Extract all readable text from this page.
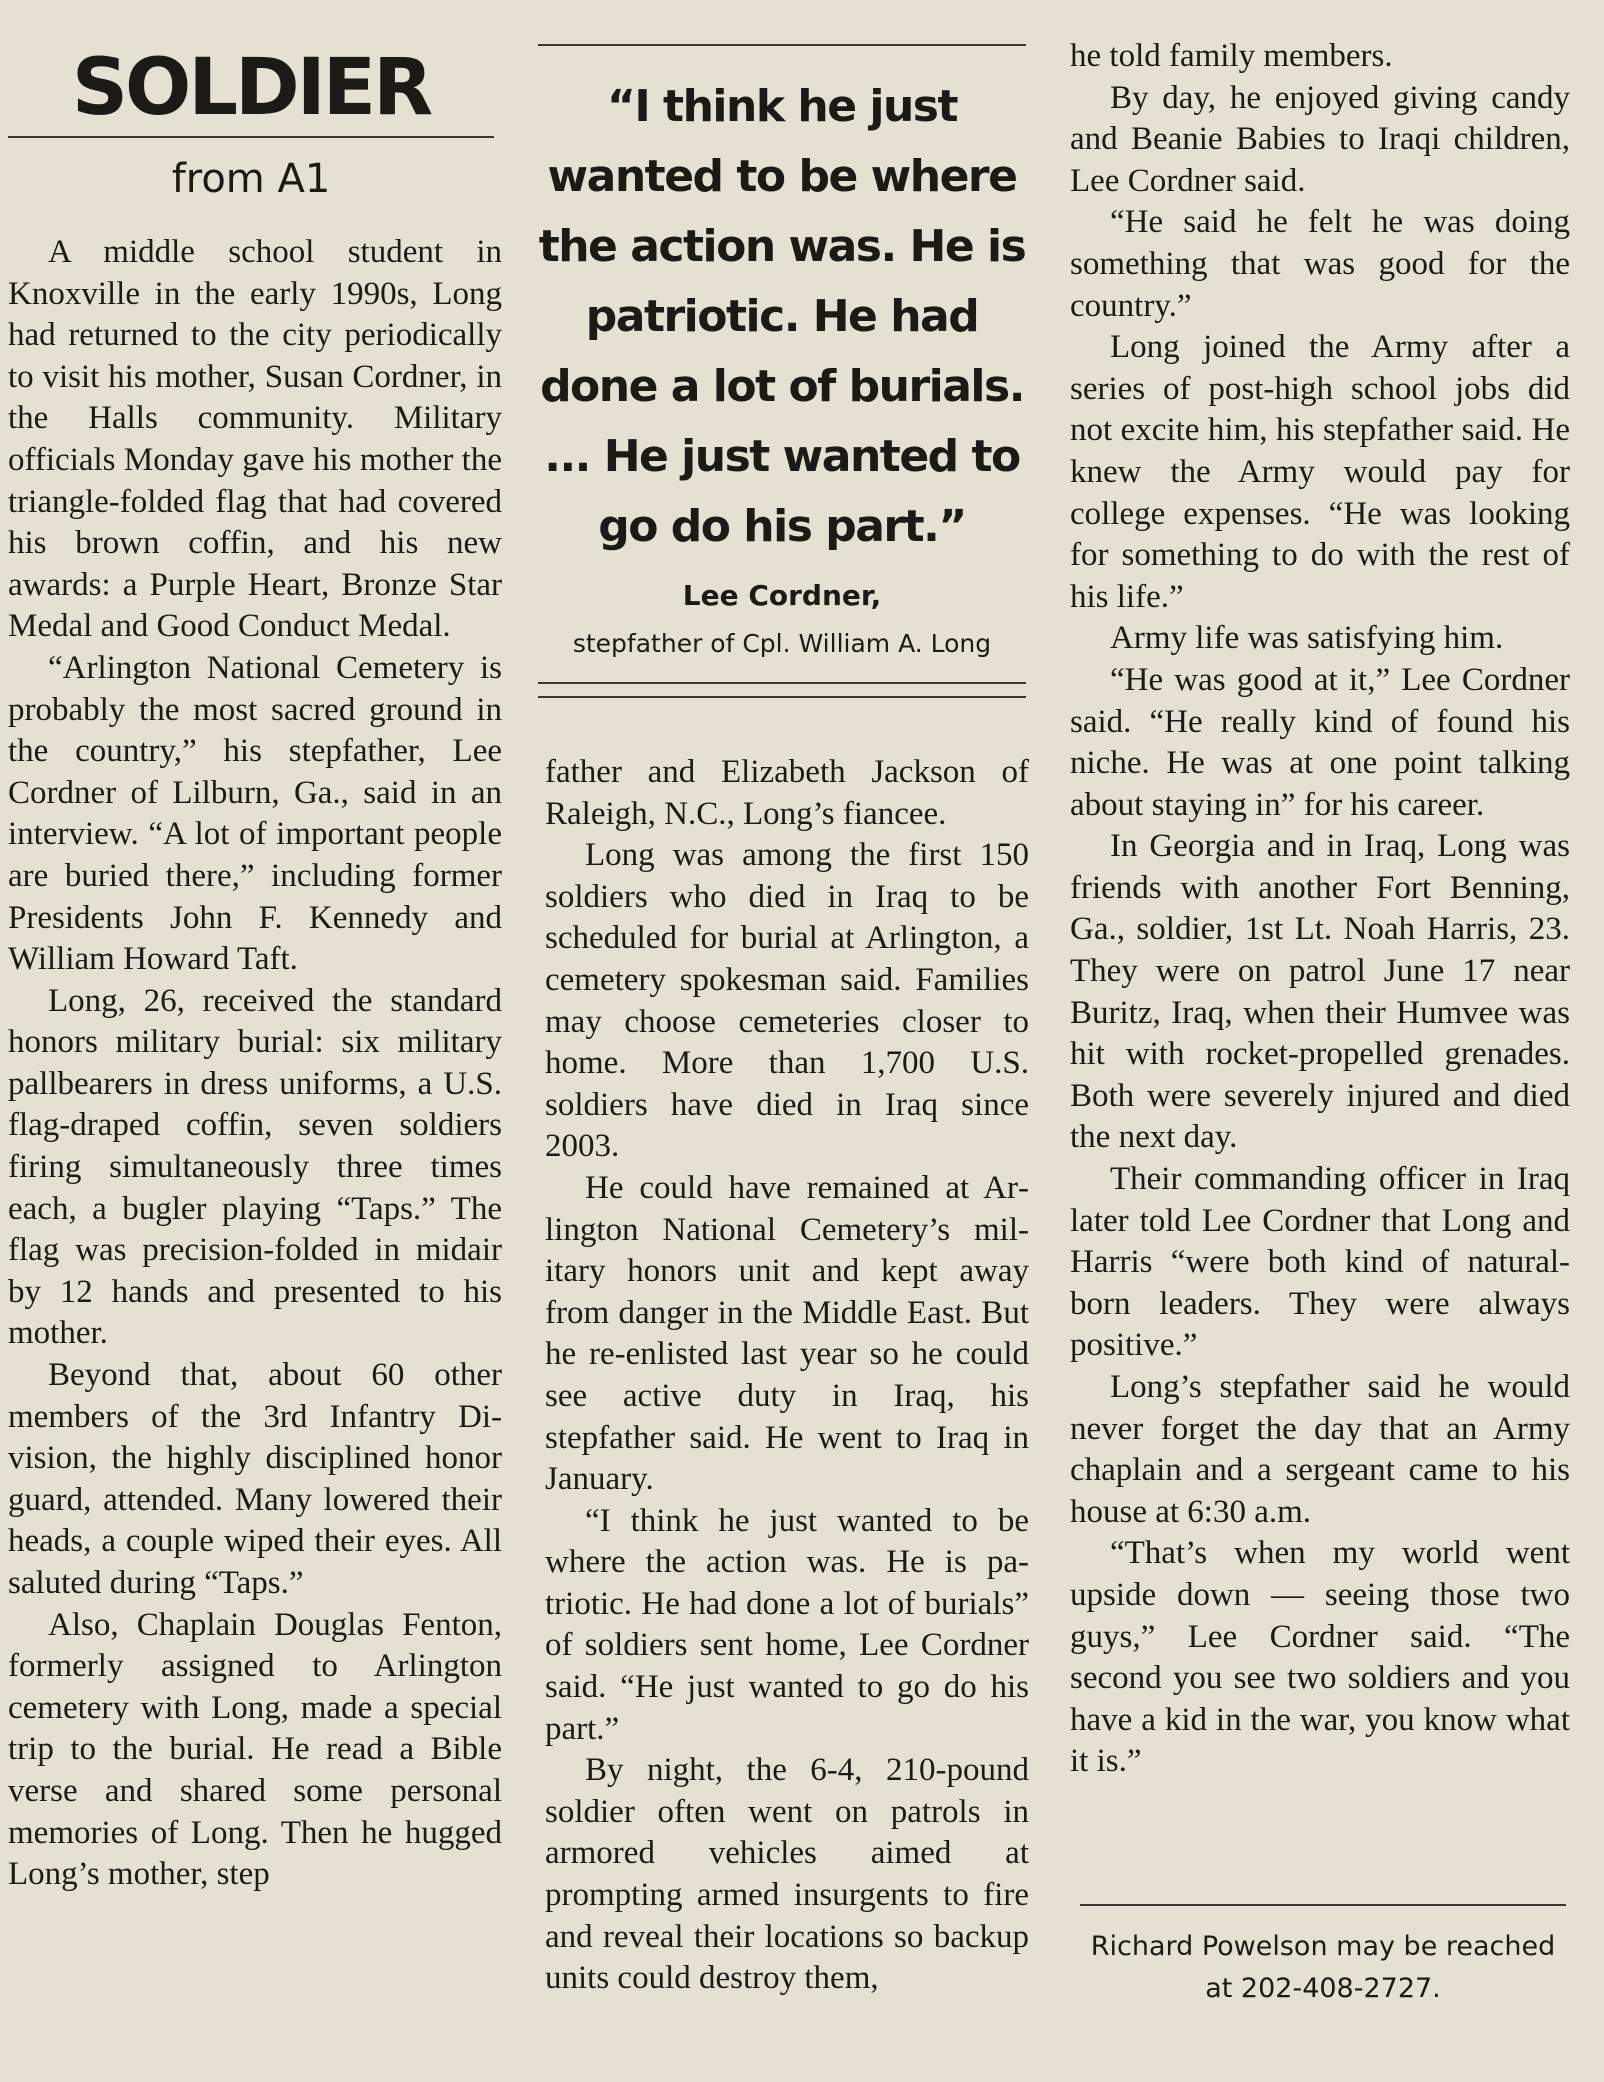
SOLDIER
from A1

“I think he just wanted to be where the action was. He is patriotic. He had done a lot of burials. ... He just wanted to go do his part.”

Lee Cordner,
stepfather of Cpl. William A. Long

A middle school student in Knoxville in the early 1990s, Long had returned to the city periodically to visit his mother, Susan Cordner, in the Halls community. Military officials Monday gave his mother the triangle-folded flag that had covered his brown coffin, and his new awards: a Purple Heart, Bronze Star Medal and Good Conduct Medal.

“Arlington National Cemetery is probably the most sacred ground in the country,” his stepfather, Lee Cordner of Lilburn, Ga., said in an interview. “A lot of important people are buried there,” including former Presidents John F. Kennedy and William Howard Taft.

Long, 26, received the standard honors military burial: six military pallbearers in dress uniforms, a U.S. flag-draped coffin, seven soldiers firing simultaneously three times each, a bugler playing “Taps.” The flag was precision-folded in midair by 12 hands and presented to his mother.

Beyond that, about 60 other members of the 3rd Infantry Division, the highly disciplined honor guard, attended. Many lowered their heads, a couple wiped their eyes. All saluted during “Taps.”

Also, Chaplain Douglas Fenton, formerly assigned to Arlington cemetery with Long, made a special trip to the burial. He read a Bible verse and shared some personal memories of Long. Then he hugged Long’s mother, step

father and Elizabeth Jackson of Raleigh, N.C., Long’s fiancee.

Long was among the first 150 soldiers who died in Iraq to be scheduled for burial at Arlington, a cemetery spokesman said. Families may choose cemeteries closer to home. More than 1,700 U.S. soldiers have died in Iraq since 2003.

He could have remained at Arlington National Cemetery’s military honors unit and kept away from danger in the Middle East. But he re-enlisted last year so he could see active duty in Iraq, his stepfather said. He went to Iraq in January.

“I think he just wanted to be where the action was. He is patriotic. He had done a lot of burials” of soldiers sent home, Lee Cordner said. “He just wanted to go do his part.”

By night, the 6-4, 210-pound soldier often went on patrols in armored vehicles aimed at prompting armed insurgents to fire and reveal their locations so backup units could destroy them,

he told family members.

By day, he enjoyed giving candy and Beanie Babies to Iraqi children, Lee Cordner said.

“He said he felt he was doing something that was good for the country.”

Long joined the Army after a series of post-high school jobs did not excite him, his stepfather said. He knew the Army would pay for college expenses. “He was looking for something to do with the rest of his life.”

Army life was satisfying him.

“He was good at it,” Lee Cordner said. “He really kind of found his niche. He was at one point talking about staying in” for his career.

In Georgia and in Iraq, Long was friends with another Fort Benning, Ga., soldier, 1st Lt. Noah Harris, 23. They were on patrol June 17 near Buritz, Iraq, when their Humvee was hit with rocket-propelled grenades. Both were severely injured and died the next day.

Their commanding officer in Iraq later told Lee Cordner that Long and Harris “were both kind of natural-born leaders. They were always positive.”

Long’s stepfather said he would never forget the day that an Army chaplain and a sergeant came to his house at 6:30 a.m.

“That’s when my world went upside down — seeing those two guys,” Lee Cordner said. “The second you see two soldiers and you have a kid in the war, you know what it is.”

Richard Powelson may be reached at 202-408-2727.
